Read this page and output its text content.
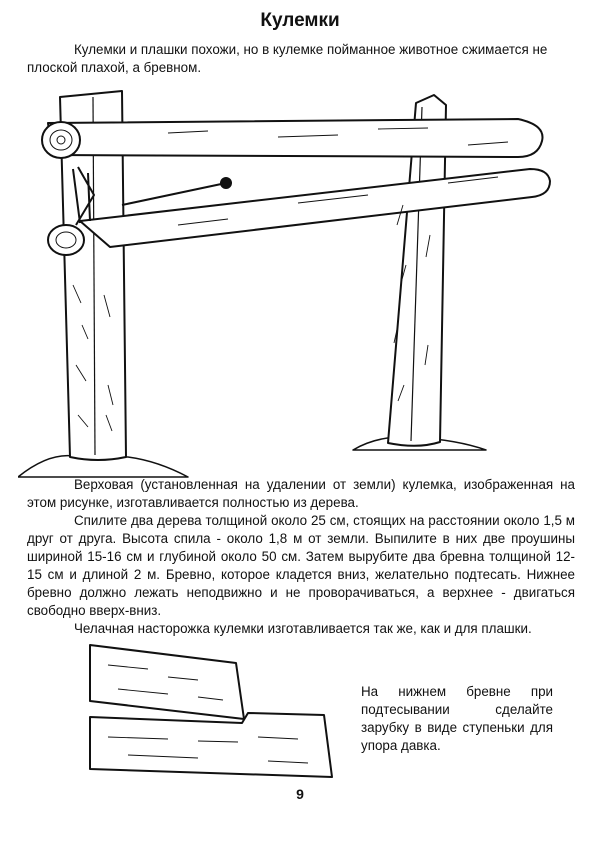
Кулемки

Кулемки и плашки похожи, но в кулемке пойманное животное сжимается не плоской плахой, а бревном.

Верховая (установленная на удалении от земли) кулемка, изображенная на этом рисунке, изготавливается полностью из дерева.

Спилите два дерева толщиной около 25 см, стоящих на расстоянии около 1,5 м друг от друга. Высота спила - около 1,8 м от земли. Выпилите в них две проушины шириной 15-16 см и глубиной около 50 см. Затем вырубите два бревна толщиной 12-15 см и длиной 2 м. Бревно, которое кладется вниз, желательно подтесать. Нижнее бревно должно лежать неподвижно и не проворачиваться, а верхнее - двигаться свободно вверх-вниз.

Челачная насторожка кулемки изготавливается так же, как и для плашки.

На нижнем бревне при подтесывании сделайте зарубку в виде ступеньки для упора давка.

9
